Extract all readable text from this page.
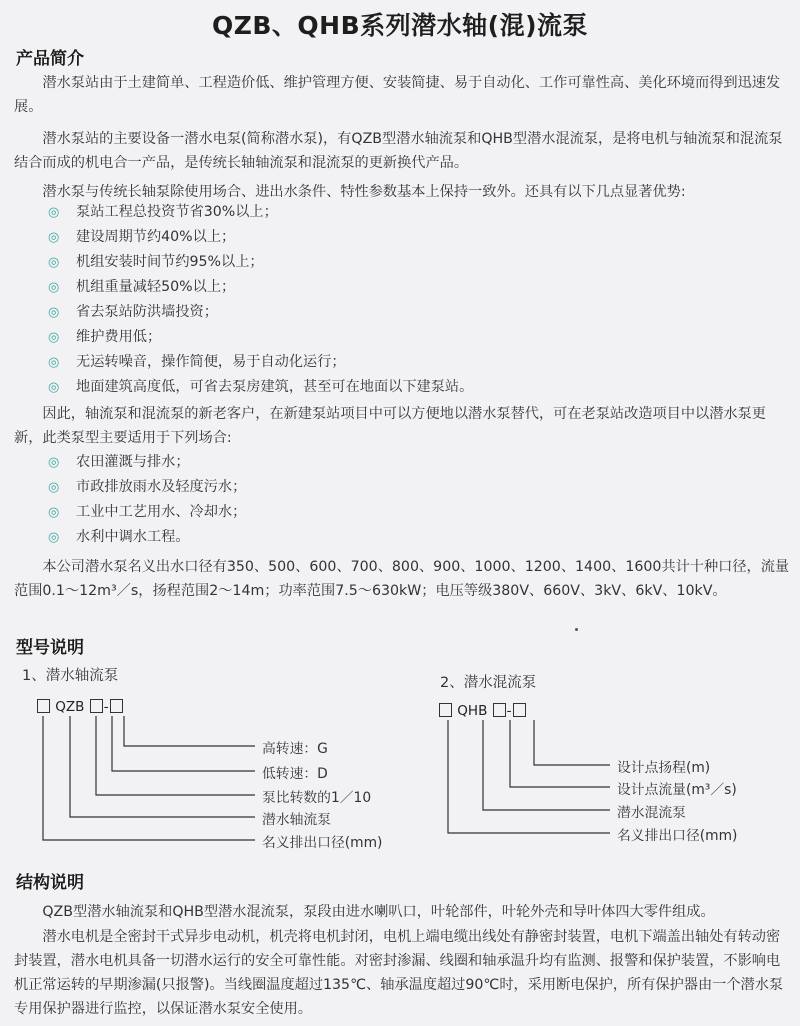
QZB、QHB系列潜水轴(混)流泵
产品简介

潜水泵站由于土建简单、工程造价低、维护管理方便、安装简捷、易于自动化、工作可靠性高、美化环境而得到迅速发展。

潜水泵站的主要设备一潜水电泵(简称潜水泵)，有QZB型潜水轴流泵和QHB型潜水混流泵，是将电机与轴流泵和混流泵结合而成的机电合一产品，是传统长轴轴流泵和混流泵的更新换代产品。

潜水泵与传统长轴泵除使用场合、进出水条件、特性参数基本上保持一致外。还具有以下几点显著优势:

◎ 泵站工程总投资节省30%以上；
◎ 建设周期节约40%以上；
◎ 机组安装时间节约95%以上；
◎ 机组重量减轻50%以上；
◎ 省去泵站防洪墙投资；
◎ 维护费用低；
◎ 无运转噪音，操作简便，易于自动化运行；
◎ 地面建筑高度低，可省去泵房建筑，甚至可在地面以下建泵站。

因此，轴流泵和混流泵的新老客户，在新建泵站项目中可以方便地以潜水泵替代，可在老泵站改造项目中以潜水泵更新，此类泵型主要适用于下列场合:

◎ 农田灌溉与排水；
◎ 市政排放雨水及轻度污水；
◎ 工业中工艺用水、冷却水；
◎ 水利中调水工程。

本公司潜水泵名义出水口径有350、500、600、700、800、900、1000、1200、1400、1600共计十种口径，流量范围0.1～12m³／s，扬程范围2～14m；功率范围7.5～630kW；电压等级380V、660V、3kV、6kV、10kV。

型号说明
1、潜水轴流泵
QZB -
2、潜水混流泵
QHB -
高转速：G
低转速：D
泵比转数的1／10
潜水轴流泵
名义排出口径(mm)
设计点扬程(m)
设计点流量(m³／s)
潜水混流泵
名义排出口径(mm)
结构说明

QZB型潜水轴流泵和QHB型潜水混流泵，泵段由进水喇叭口，叶轮部件，叶轮外壳和导叶体四大零件组成。

潜水电机是全密封干式异步电动机，机壳将电机封闭，电机上端电缆出线处有静密封装置，电机下端盖出轴处有转动密封装置，潜水电机具备一切潜水运行的安全可靠性能。对密封渗漏、线圈和轴承温升均有监测、报警和保护装置，不影响电机正常运转的早期渗漏(只报警)。当线圈温度超过135℃、轴承温度超过90℃时，采用断电保护，所有保护器由一个潜水泵专用保护器进行监控，以保证潜水泵安全使用。
